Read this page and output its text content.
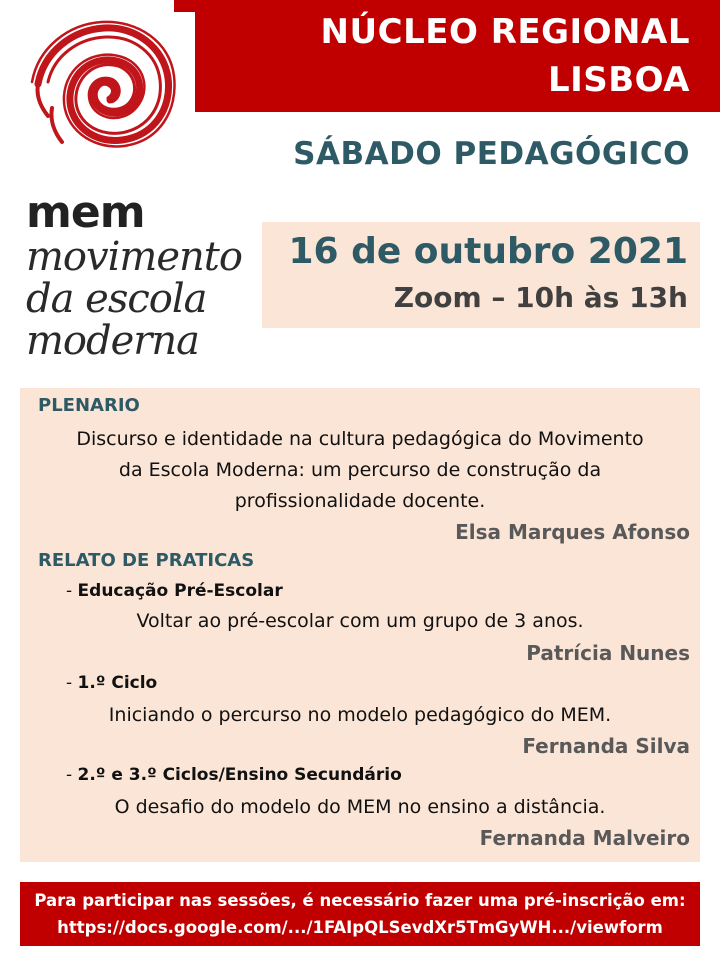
NÚCLEO REGIONAL
LISBOA
SÁBADO PEDAGÓGICO
mem
movimento
da escola
moderna
16 de outubro 2021
Zoom – 10h às 13h
PLENARIO
Discurso e identidade na cultura pedagógica do Movimento
da Escola Moderna: um percurso de construção da
profissionalidade docente.
Elsa Marques Afonso
RELATO DE PRATICAS
- Educação Pré-Escolar
Voltar ao pré-escolar com um grupo de 3 anos.
Patrícia Nunes
- 1.º Ciclo
Iniciando o percurso no modelo pedagógico do MEM.
Fernanda Silva
- 2.º e 3.º Ciclos/Ensino Secundário
O desafio do modelo do MEM no ensino a distância.
Fernanda Malveiro
Para participar nas sessões, é necessário fazer uma pré-inscrição em:
https://docs.google.com/.../1FAIpQLSevdXr5TmGyWH.../viewform
